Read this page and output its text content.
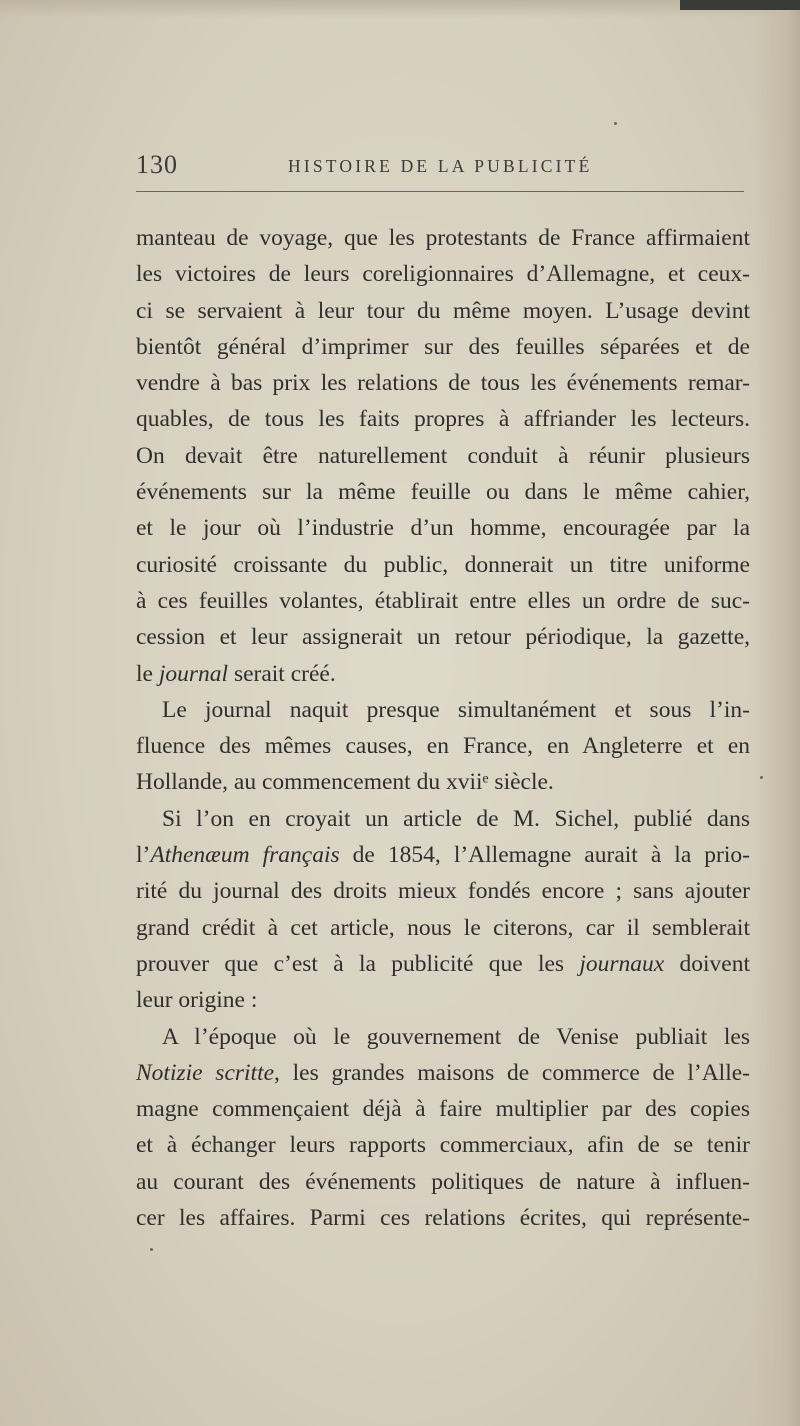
130	HISTOIRE DE LA PUBLICITÉ
manteau de voyage, que les protestants de France affirmaient
les victoires de leurs coreligionnaires d’Allemagne, et ceux-
ci se servaient à leur tour du même moyen. L’usage devint
bientôt général d’imprimer sur des feuilles séparées et de
vendre à bas prix les relations de tous les événements remar-
quables, de tous les faits propres à affriander les lecteurs.
On devait être naturellement conduit à réunir plusieurs
événements sur la même feuille ou dans le même cahier,
et le jour où l’industrie d’un homme, encouragée par la
curiosité croissante du public, donnerait un titre uniforme
à ces feuilles volantes, établirait entre elles un ordre de suc-
cession et leur assignerait un retour périodique, la gazette,
le journal serait créé.
Le journal naquit presque simultanément et sous l’in-
fluence des mêmes causes, en France, en Angleterre et en
Hollande, au commencement du xviiᵉ siècle.
Si l’on en croyait un article de M. Sichel, publié dans
l’Athenæum français de 1854, l’Allemagne aurait à la prio-
rité du journal des droits mieux fondés encore ; sans ajouter
grand crédit à cet article, nous le citerons, car il semblerait
prouver que c’est à la publicité que les journaux doivent
leur origine :
A l’époque où le gouvernement de Venise publiait les
Notizie scritte, les grandes maisons de commerce de l’Alle-
magne commençaient déjà à faire multiplier par des copies
et à échanger leurs rapports commerciaux, afin de se tenir
au courant des événements politiques de nature à influen-
cer les affaires. Parmi ces relations écrites, qui représente-
